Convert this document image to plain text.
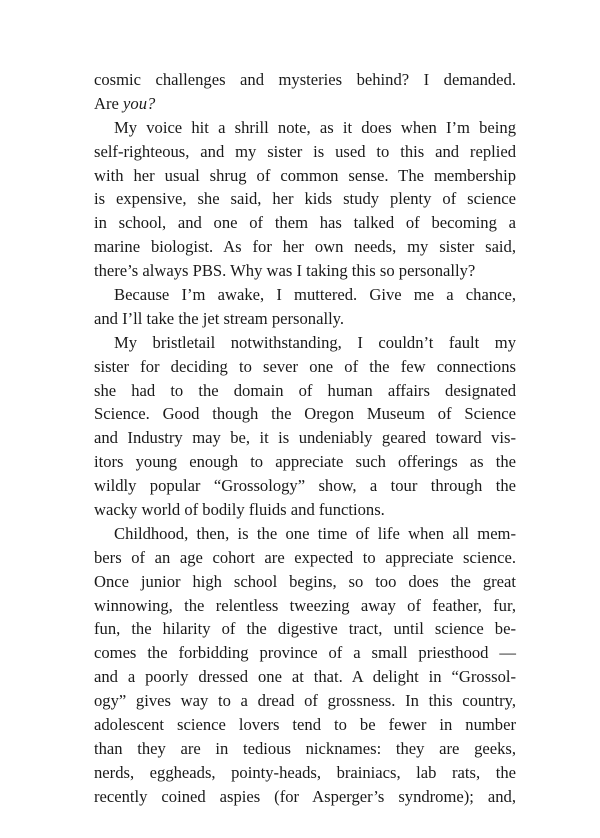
cosmic challenges and mysteries behind? I demanded.
Are you?
My voice hit a shrill note, as it does when I’m being
self-righteous, and my sister is used to this and replied
with her usual shrug of common sense. The membership
is expensive, she said, her kids study plenty of science
in school, and one of them has talked of becoming a
marine biologist. As for her own needs, my sister said,
there’s always PBS. Why was I taking this so personally?
Because I’m awake, I muttered. Give me a chance,
and I’ll take the jet stream personally.
My bristletail notwithstanding, I couldn’t fault my
sister for deciding to sever one of the few connections
she had to the domain of human affairs designated
Science. Good though the Oregon Museum of Science
and Industry may be, it is undeniably geared toward vis-
itors young enough to appreciate such offerings as the
wildly popular “Grossology” show, a tour through the
wacky world of bodily fluids and functions.
Childhood, then, is the one time of life when all mem-
bers of an age cohort are expected to appreciate science.
Once junior high school begins, so too does the great
winnowing, the relentless tweezing away of feather, fur,
fun, the hilarity of the digestive tract, until science be-
comes the forbidding province of a small priesthood —
and a poorly dressed one at that. A delight in “Grossol-
ogy” gives way to a dread of grossness. In this country,
adolescent science lovers tend to be fewer in number
than they are in tedious nicknames: they are geeks,
nerds, eggheads, pointy-heads, brainiacs, lab rats, the
recently coined aspies (for Asperger’s syndrome); and,
